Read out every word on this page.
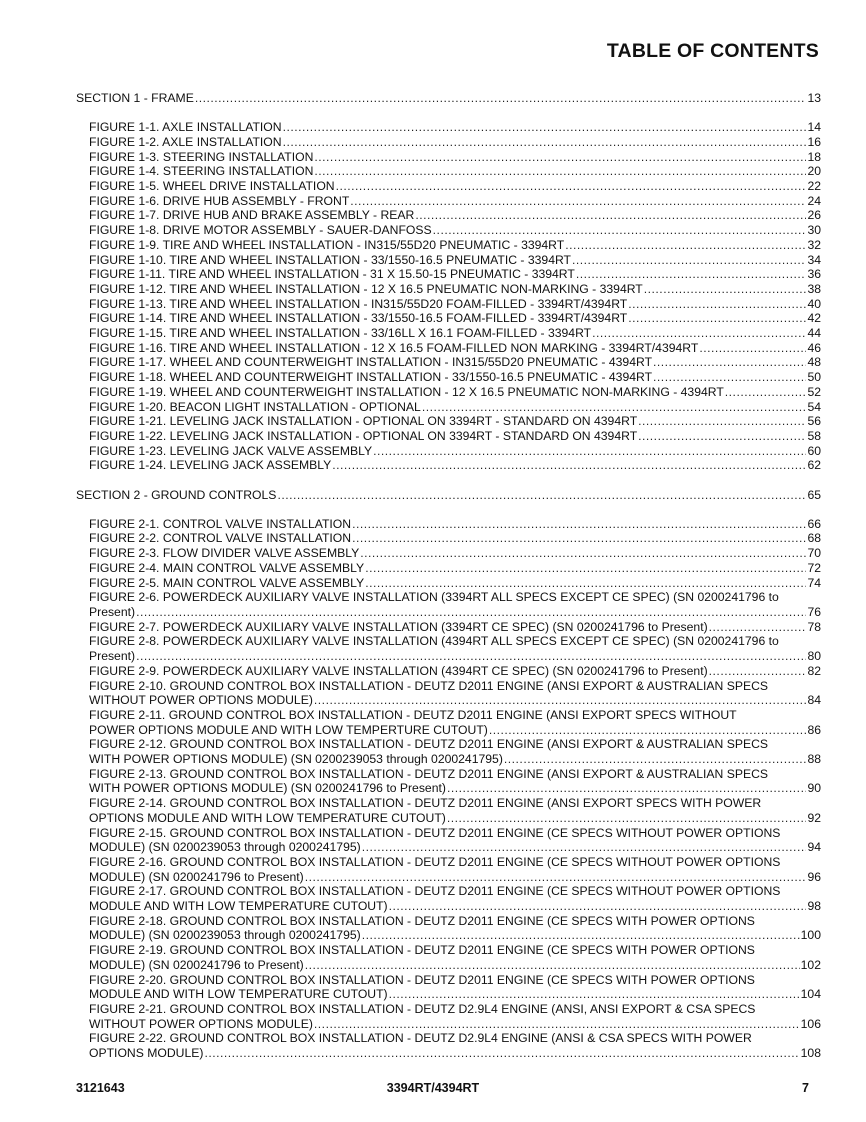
TABLE OF CONTENTS
SECTION 1 - FRAME .....	13
FIGURE 1-1. AXLE INSTALLATION .....	14
FIGURE 1-2. AXLE INSTALLATION .....	16
FIGURE 1-3. STEERING INSTALLATION .....	18
FIGURE 1-4. STEERING INSTALLATION .....	20
FIGURE 1-5. WHEEL DRIVE INSTALLATION .....	22
FIGURE 1-6. DRIVE HUB ASSEMBLY - FRONT .....	24
FIGURE 1-7. DRIVE HUB AND BRAKE ASSEMBLY - REAR .....	26
FIGURE 1-8. DRIVE MOTOR ASSEMBLY - SAUER-DANFOSS .....	30
FIGURE 1-9. TIRE AND WHEEL INSTALLATION - IN315/55D20 PNEUMATIC - 3394RT .....	32
FIGURE 1-10. TIRE AND WHEEL INSTALLATION - 33/1550-16.5 PNEUMATIC - 3394RT .....	34
FIGURE 1-11. TIRE AND WHEEL INSTALLATION - 31 X 15.50-15 PNEUMATIC - 3394RT .....	36
FIGURE 1-12. TIRE AND WHEEL INSTALLATION - 12 X 16.5 PNEUMATIC NON-MARKING - 3394RT .....	38
FIGURE 1-13. TIRE AND WHEEL INSTALLATION - IN315/55D20 FOAM-FILLED - 3394RT/4394RT .....	40
FIGURE 1-14. TIRE AND WHEEL INSTALLATION - 33/1550-16.5 FOAM-FILLED - 3394RT/4394RT .....	42
FIGURE 1-15. TIRE AND WHEEL INSTALLATION - 33/16LL X 16.1 FOAM-FILLED - 3394RT .....	44
FIGURE 1-16. TIRE AND WHEEL INSTALLATION - 12 X 16.5 FOAM-FILLED NON MARKING - 3394RT/4394RT .....	46
FIGURE 1-17. WHEEL AND COUNTERWEIGHT INSTALLATION - IN315/55D20 PNEUMATIC - 4394RT .....	48
FIGURE 1-18. WHEEL AND COUNTERWEIGHT INSTALLATION - 33/1550-16.5 PNEUMATIC - 4394RT .....	50
FIGURE 1-19. WHEEL AND COUNTERWEIGHT INSTALLATION - 12 X 16.5 PNEUMATIC NON-MARKING - 4394RT .....	52
FIGURE 1-20. BEACON LIGHT INSTALLATION - OPTIONAL .....	54
FIGURE 1-21. LEVELING JACK INSTALLATION - OPTIONAL ON 3394RT - STANDARD ON 4394RT .....	56
FIGURE 1-22. LEVELING JACK INSTALLATION - OPTIONAL ON 3394RT - STANDARD ON 4394RT .....	58
FIGURE 1-23. LEVELING JACK VALVE ASSEMBLY .....	60
FIGURE 1-24. LEVELING JACK ASSEMBLY .....	62
SECTION 2 - GROUND CONTROLS .....	65
FIGURE 2-1. CONTROL VALVE INSTALLATION .....	66
FIGURE 2-2. CONTROL VALVE INSTALLATION .....	68
FIGURE 2-3. FLOW DIVIDER VALVE ASSEMBLY .....	70
FIGURE 2-4. MAIN CONTROL VALVE ASSEMBLY .....	72
FIGURE 2-5. MAIN CONTROL VALVE ASSEMBLY .....	74
FIGURE 2-6. POWERDECK AUXILIARY VALVE INSTALLATION (3394RT ALL SPECS EXCEPT CE SPEC) (SN 0200241796 to
Present) .....	76
FIGURE 2-7. POWERDECK AUXILIARY VALVE INSTALLATION (3394RT CE SPEC) (SN 0200241796 to Present) .....	78
FIGURE 2-8. POWERDECK AUXILIARY VALVE INSTALLATION (4394RT ALL SPECS EXCEPT CE SPEC) (SN 0200241796 to
Present) .....	80
FIGURE 2-9. POWERDECK AUXILIARY VALVE INSTALLATION (4394RT CE SPEC) (SN 0200241796 to Present) .....	82
FIGURE 2-10. GROUND CONTROL BOX INSTALLATION - DEUTZ D2011 ENGINE (ANSI EXPORT & AUSTRALIAN SPECS
WITHOUT POWER OPTIONS MODULE) .....	84
FIGURE 2-11. GROUND CONTROL BOX INSTALLATION - DEUTZ D2011 ENGINE (ANSI EXPORT SPECS WITHOUT
POWER OPTIONS MODULE AND WITH LOW TEMPERTURE CUTOUT) .....	86
FIGURE 2-12. GROUND CONTROL BOX INSTALLATION - DEUTZ D2011 ENGINE (ANSI EXPORT & AUSTRALIAN SPECS
WITH POWER OPTIONS MODULE) (SN 0200239053 through 0200241795) .....	88
FIGURE 2-13. GROUND CONTROL BOX INSTALLATION - DEUTZ D2011 ENGINE (ANSI EXPORT & AUSTRALIAN SPECS
WITH POWER OPTIONS MODULE) (SN 0200241796 to Present) .....	90
FIGURE 2-14. GROUND CONTROL BOX INSTALLATION - DEUTZ D2011 ENGINE (ANSI EXPORT SPECS WITH POWER
OPTIONS MODULE AND WITH LOW TEMPERATURE CUTOUT) .....	92
FIGURE 2-15. GROUND CONTROL BOX INSTALLATION - DEUTZ D2011 ENGINE (CE SPECS WITHOUT POWER OPTIONS
MODULE) (SN 0200239053 through 0200241795) .....	94
FIGURE 2-16. GROUND CONTROL BOX INSTALLATION - DEUTZ D2011 ENGINE (CE SPECS WITHOUT POWER OPTIONS
MODULE) (SN 0200241796 to Present) .....	96
FIGURE 2-17. GROUND CONTROL BOX INSTALLATION - DEUTZ D2011 ENGINE (CE SPECS WITHOUT POWER OPTIONS
MODULE AND WITH LOW TEMPERATURE CUTOUT) .....	98
FIGURE 2-18. GROUND CONTROL BOX INSTALLATION - DEUTZ D2011 ENGINE (CE SPECS WITH POWER OPTIONS
MODULE) (SN 0200239053 through 0200241795) .....	100
FIGURE 2-19. GROUND CONTROL BOX INSTALLATION - DEUTZ D2011 ENGINE (CE SPECS WITH POWER OPTIONS
MODULE) (SN 0200241796 to Present) .....	102
FIGURE 2-20. GROUND CONTROL BOX INSTALLATION - DEUTZ D2011 ENGINE (CE SPECS WITH POWER OPTIONS
MODULE AND WITH LOW TEMPERATURE CUTOUT) .....	104
FIGURE 2-21. GROUND CONTROL BOX INSTALLATION - DEUTZ D2.9L4 ENGINE (ANSI, ANSI EXPORT & CSA SPECS
WITHOUT POWER OPTIONS MODULE) .....	106
FIGURE 2-22. GROUND CONTROL BOX INSTALLATION - DEUTZ D2.9L4 ENGINE (ANSI & CSA SPECS WITH POWER
OPTIONS MODULE) .....	108
3121643	3394RT/4394RT	7
